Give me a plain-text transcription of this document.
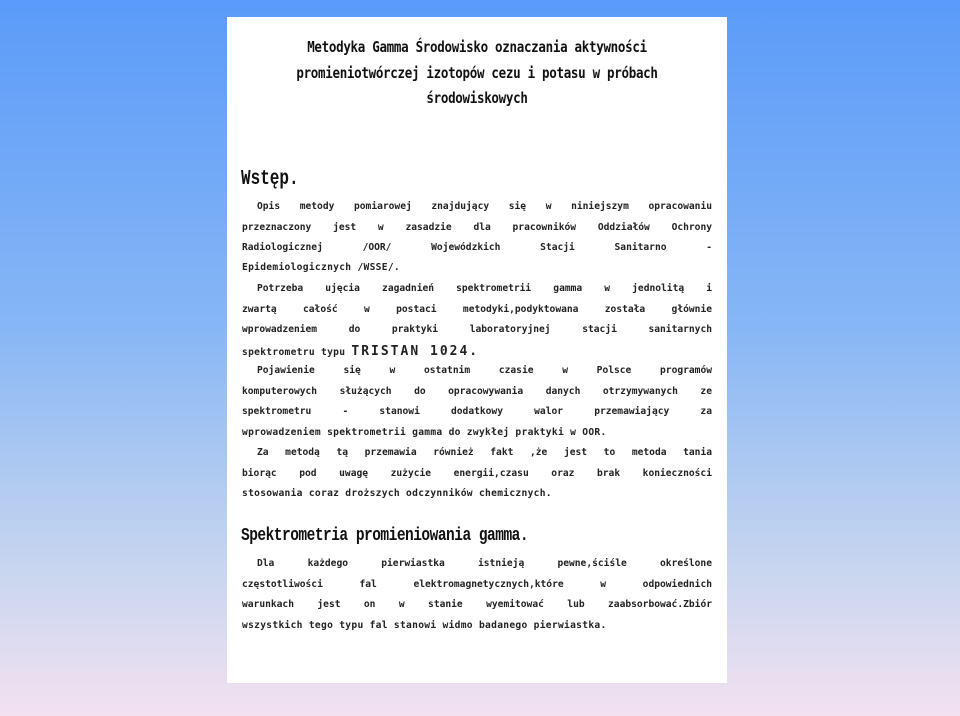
Metodyka Gamma Środowisko oznaczania aktywności
promieniotwórczej izotopów cezu i potasu w próbach
środowiskowych
Wstęp.
Opis metody pomiarowej znajdujący się w niniejszym opracowaniu
przeznaczony jest w zasadzie dla pracowników Oddziałów Ochrony
Radiologicznej /OOR/ Wojewódzkich Stacji Sanitarno -
Epidemiologicznych /WSSE/.
Potrzeba ujęcia zagadnień spektrometrii gamma w jednolitą i
zwartą całość w postaci metodyki,podyktowana została głównie
wprowadzeniem do praktyki laboratoryjnej stacji sanitarnych
spektrometru typu TRISTAN 1024.
Pojawienie się w ostatnim czasie w Polsce programów
komputerowych służących do opracowywania danych otrzymywanych ze
spektrometru - stanowi dodatkowy walor przemawiający za
wprowadzeniem spektrometrii gamma do zwykłej praktyki w OOR.
Za metodą tą przemawia również fakt ,że jest to metoda tania
biorąc pod uwagę zużycie energii,czasu oraz brak konieczności
stosowania coraz droższych odczynników chemicznych.
Spektrometria promieniowania gamma.
Dla każdego pierwiastka istnieją pewne,ściśle określone
częstotliwości fal elektromagnetycznych,które w odpowiednich
warunkach jest on w stanie wyemitować lub zaabsorbować.Zbiór
wszystkich tego typu fal stanowi widmo badanego pierwiastka.
